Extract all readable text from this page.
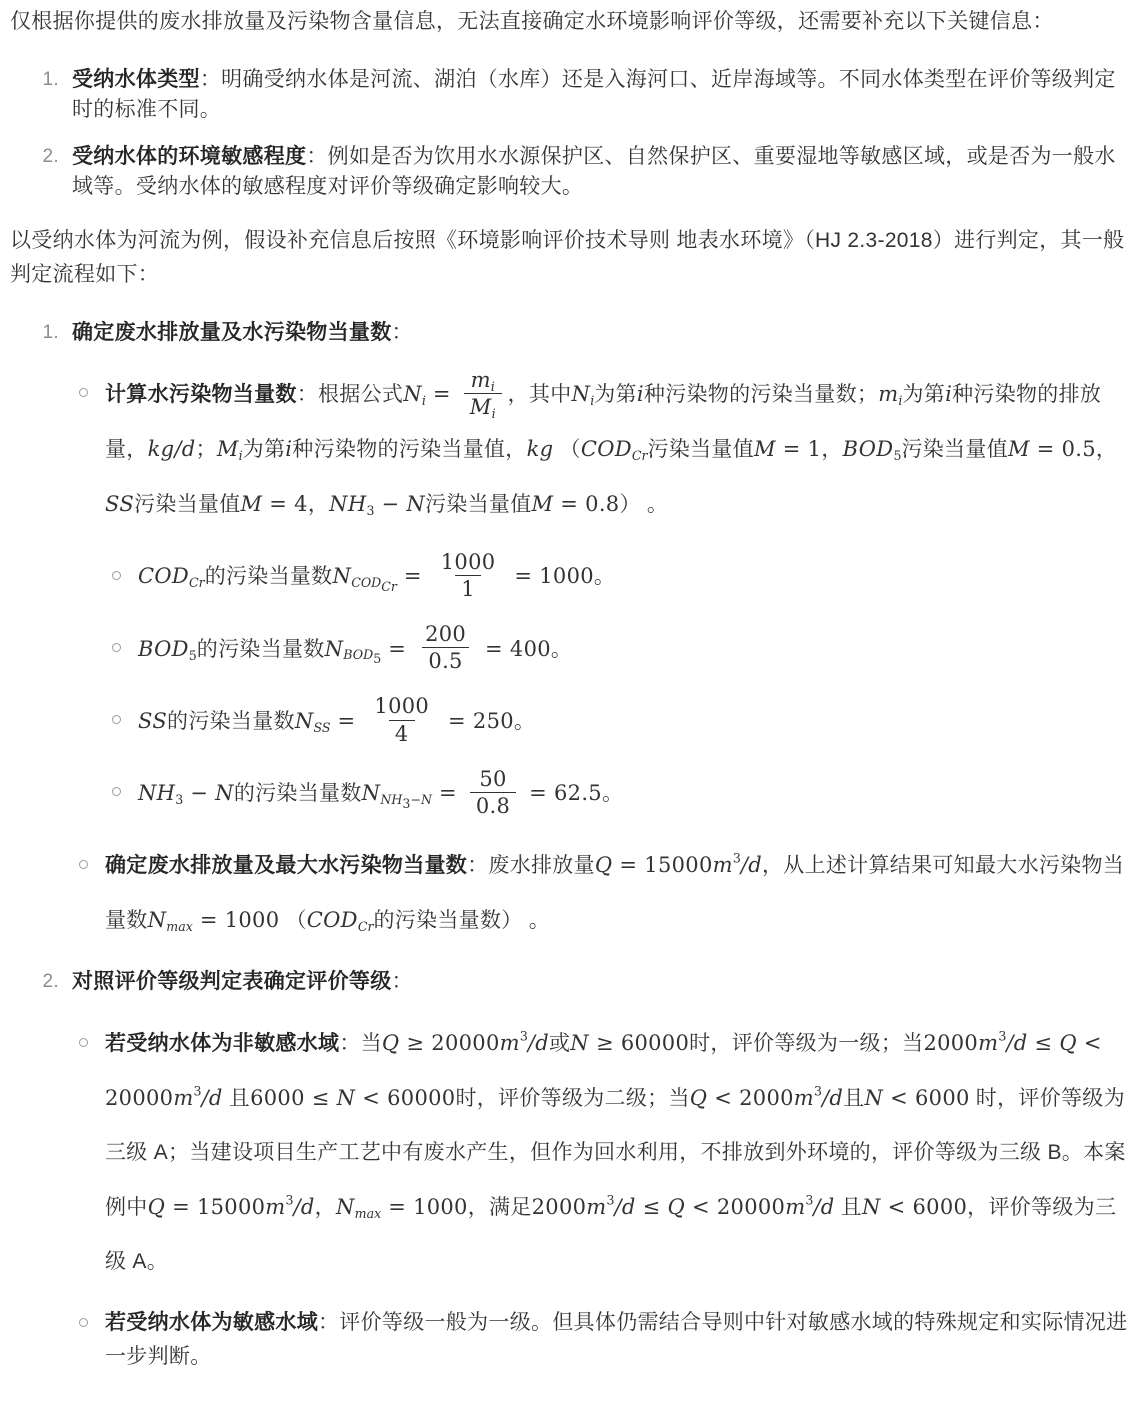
仅根据你提供的废水排放量及污染物含量信息，无法直接确定水环境影响评价等级，还需要补充以下关键信息：

1. 受纳水体类型：明确受纳水体是河流、湖泊（水库）还是入海河口、近岸海域等。不同水体类型在评价等级判定时的标准不同。
2. 受纳水体的环境敏感程度：例如是否为饮用水水源保护区、自然保护区、重要湿地等敏感区域，或是否为一般水域等。受纳水体的敏感程度对评价等级确定影响较大。

以受纳水体为河流为例，假设补充信息后按照《环境影响评价技术导则 地表水环境》（HJ 2.3-2018）进行判定，其一般判定流程如下：

1. 确定废水排放量及水污染物当量数：
计算水污染物当量数：根据公式$N_i = \frac{m_i}{M_i}$ ，其中$N_i$为第i种污染物的污染当量数；$m_i$为第i种污染物的排放量，kg/d；$M_i$为第i种污染物的污染当量值，kg （$COD_{Cr}$污染当量值M = 1，$BOD_5$污染当量值M = 0.5，SS污染当量值M = 4，$NH_3 - N$污染当量值M = 0.8） 。
$COD_{Cr}$的污染当量数$N_{COD_{Cr}} = \frac{1000}{1} = 1000$。
$BOD_5$的污染当量数$N_{BOD_5} = \frac{200}{0.5} = 400$。
SS的污染当量数$N_{SS} = \frac{1000}{4} = 250$。
$NH_3 - N$的污染当量数$N_{NH_3-N} = \frac{50}{0.8} = 62.5$。
确定废水排放量及最大水污染物当量数：废水排放量$Q = 15000m^3/d$，从上述计算结果可知最大水污染物当量数$N_{max} = 1000$ （$COD_{Cr}$的污染当量数） 。
2. 对照评价等级判定表确定评价等级：
若受纳水体为非敏感水域：当$Q \ge 20000m^3/d$或N ≥ 60000时，评价等级为一级；当$2000m^3/d \le Q < 20000m^3/d$ 且6000 ≤ N < 60000时，评价等级为二级；当$Q < 2000m^3/d$且N < 6000 时，评价等级为三级 A；当建设项目生产工艺中有废水产生，但作为回水利用，不排放到外环境的，评价等级为三级 B。本案例中$Q = 15000m^3/d$，$N_{max} = 1000$，满足$2000m^3/d \le Q < 20000m^3/d$ 且N < 6000，评价等级为三级 A。
若受纳水体为敏感水域：评价等级一般为一级。但具体仍需结合导则中针对敏感水域的特殊规定和实际情况进一步判断。
